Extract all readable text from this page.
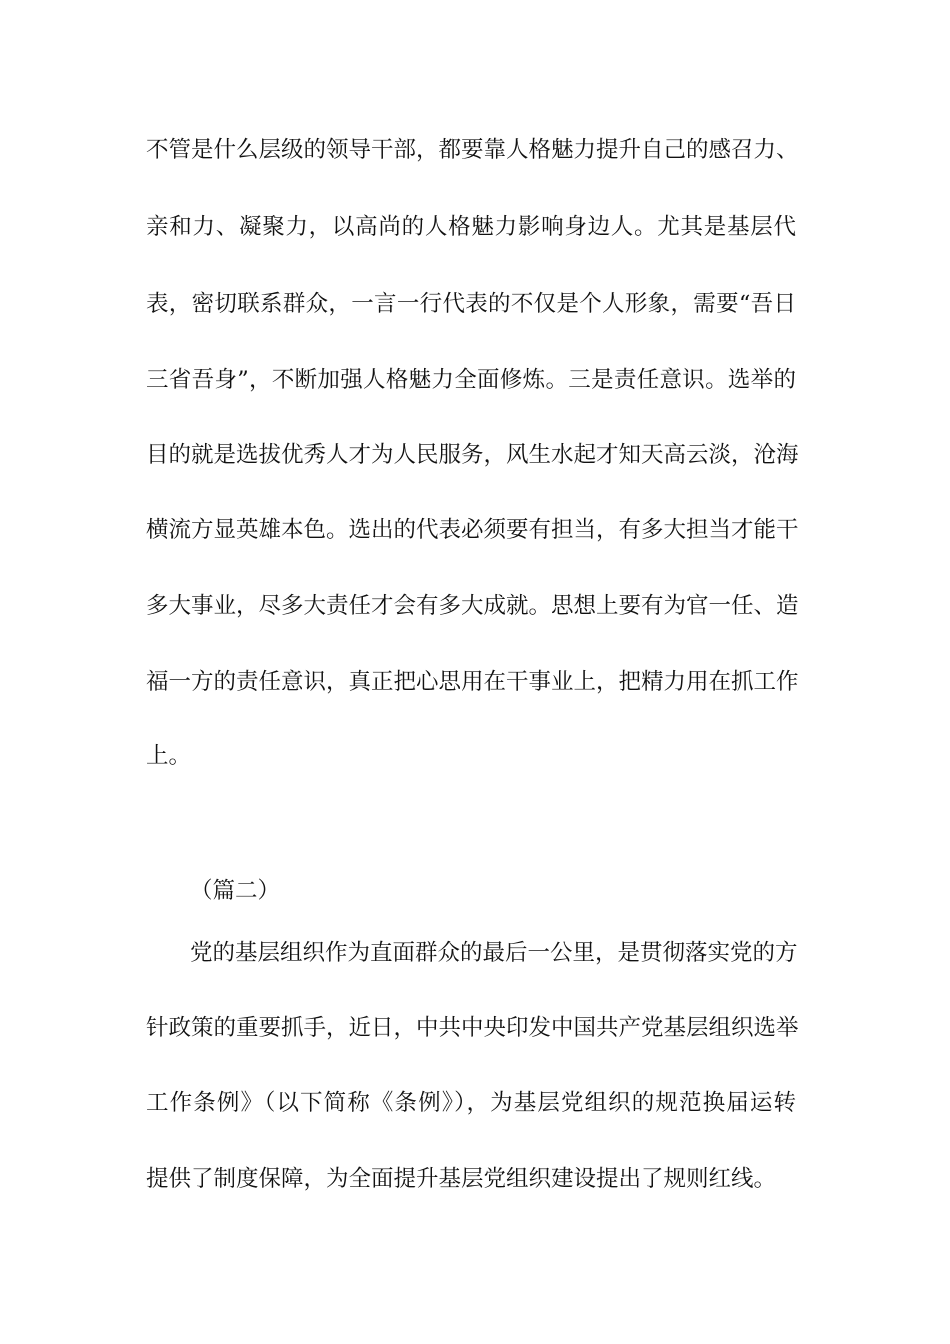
不管是什么层级的领导干部，都要靠人格魅力提升自己的感召力、
亲和力、凝聚力，以高尚的人格魅力影响身边人。尤其是基层代
表，密切联系群众，一言一行代表的不仅是个人形象，需要“吾日
三省吾身”，不断加强人格魅力全面修炼。三是责任意识。选举的
目的就是选拔优秀人才为人民服务，风生水起才知天高云淡，沧海
横流方显英雄本色。选出的代表必须要有担当，有多大担当才能干
多大事业，尽多大责任才会有多大成就。思想上要有为官一任、造
福一方的责任意识，真正把心思用在干事业上，把精力用在抓工作
上。
（篇二）
党的基层组织作为直面群众的最后一公里，是贯彻落实党的方
针政策的重要抓手，近日，中共中央印发中国共产党基层组织选举
工作条例》（以下简称《条例》），为基层党组织的规范换届运转
提供了制度保障，为全面提升基层党组织建设提出了规则红线。
